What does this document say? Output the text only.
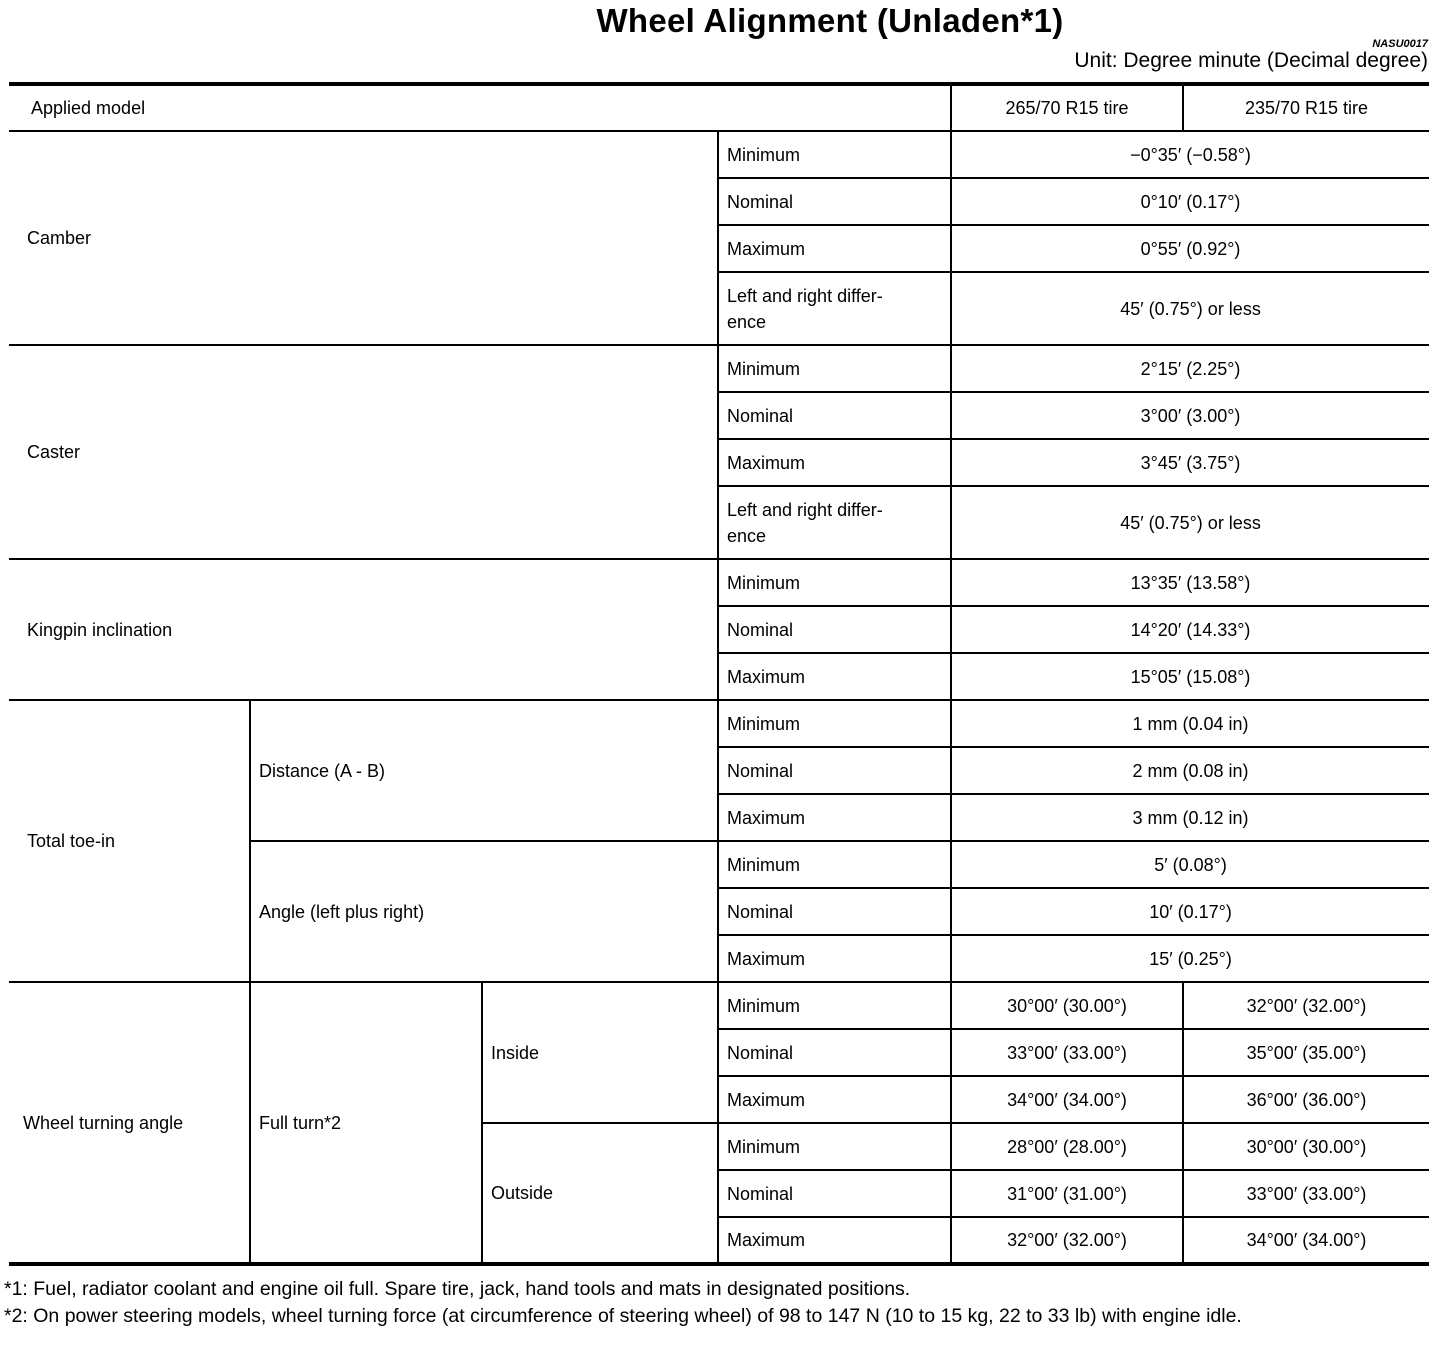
Wheel Alignment (Unladen*1)
NASU0017
Unit: Degree minute (Decimal degree)
Applied model				265/70 R15 tire	235/70 R15 tire
Camber			Minimum	−0°35′ (−0.58°)	
			Nominal	0°10′ (0.17°)	
			Maximum	0°55′ (0.92°)	
			Left and right differ-ence	45′ (0.75°) or less	
Caster			Minimum	2°15′ (2.25°)	
			Nominal	3°00′ (3.00°)	
			Maximum	3°45′ (3.75°)	
			Left and right differ-ence	45′ (0.75°) or less	
Kingpin inclination			Minimum	13°35′ (13.58°)	
			Nominal	14°20′ (14.33°)	
			Maximum	15°05′ (15.08°)	
Total toe-in	Distance (A - B)		Minimum	1 mm (0.04 in)	
			Nominal	2 mm (0.08 in)	
			Maximum	3 mm (0.12 in)	
	Angle (left plus right)		Minimum	5′ (0.08°)	
			Nominal	10′ (0.17°)	
			Maximum	15′ (0.25°)	
Wheel turning angle	Full turn*2	Inside	Minimum	30°00′ (30.00°)	32°00′ (32.00°)
			Nominal	33°00′ (33.00°)	35°00′ (35.00°)
			Maximum	34°00′ (34.00°)	36°00′ (36.00°)
		Outside	Minimum	28°00′ (28.00°)	30°00′ (30.00°)
			Nominal	31°00′ (31.00°)	33°00′ (33.00°)
			Maximum	32°00′ (32.00°)	34°00′ (34.00°)
*1: Fuel, radiator coolant and engine oil full. Spare tire, jack, hand tools and mats in designated positions.
*2: On power steering models, wheel turning force (at circumference of steering wheel) of 98 to 147 N (10 to 15 kg, 22 to 33 lb) with engine idle.
